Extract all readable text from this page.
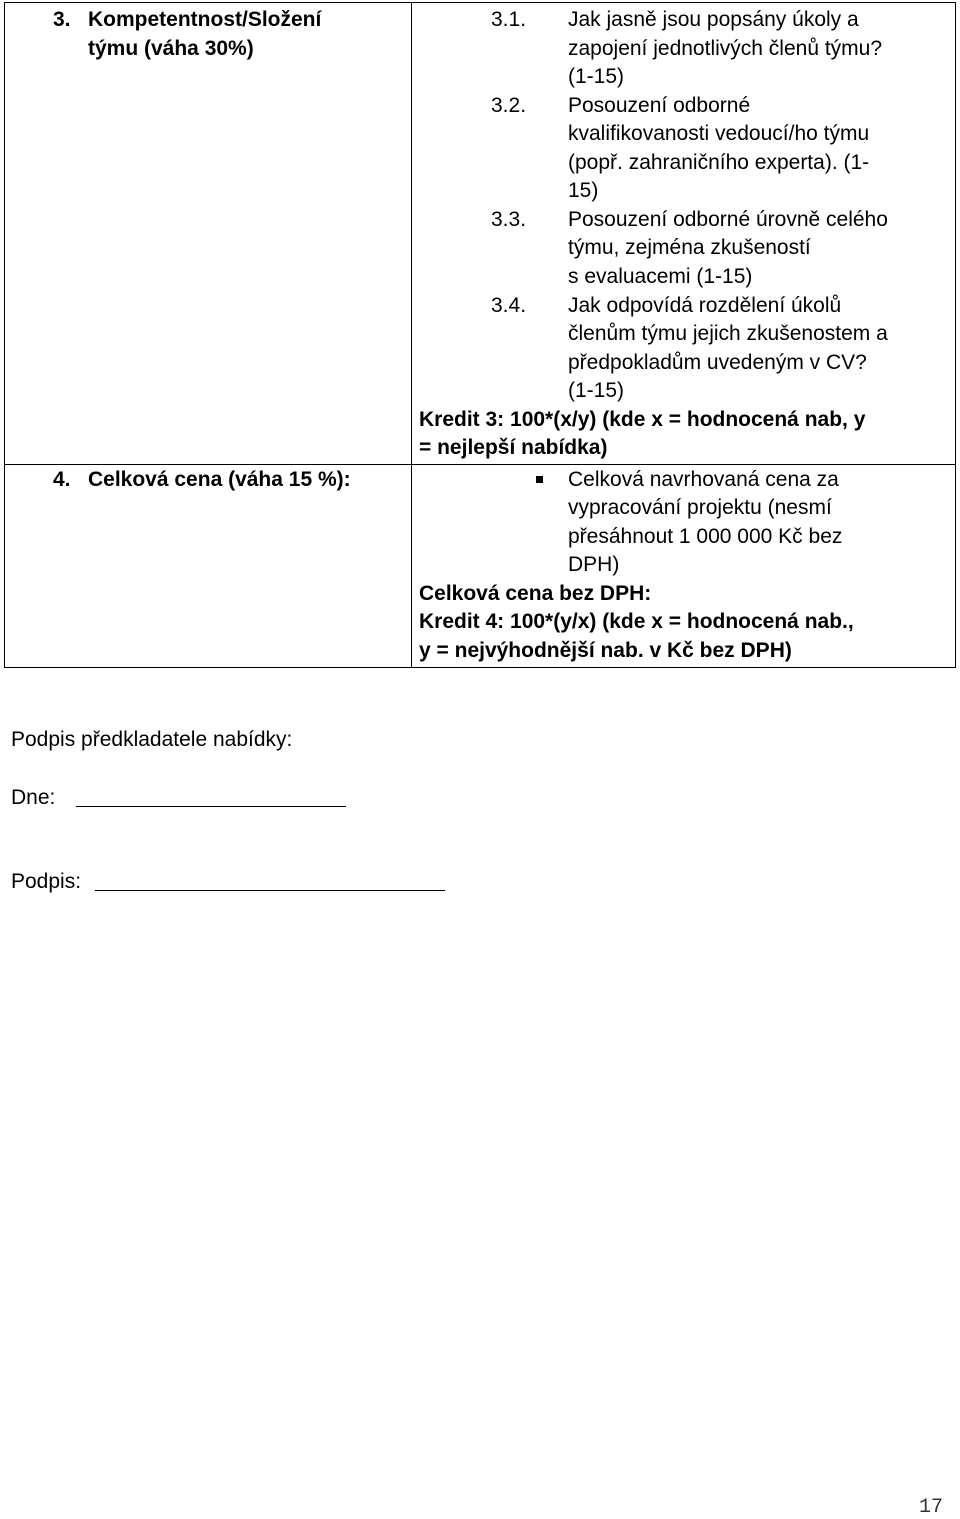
3. Kompetentnost/Složení
týmu (váha 30%)
3.1. Jak jasně jsou popsány úkoly a
zapojení jednotlivých členů týmu?
(1-15)
3.2. Posouzení odborné
kvalifikovanosti vedoucí/ho týmu
(popř. zahraničního experta). (1-
15)
3.3. Posouzení odborné úrovně celého
týmu, zejména zkušeností
s evaluacemi (1-15)
3.4. Jak odpovídá rozdělení úkolů
členům týmu jejich zkušenostem a
předpokladům uvedeným v CV?
(1-15)
Kredit 3: 100*(x/y) (kde x = hodnocená nab, y
= nejlepší nabídka)
4. Celková cena (váha 15 %):	Celková navrhovaná cena za
vypracování projektu (nesmí
přesáhnout 1 000 000 Kč bez
DPH)
Celková cena bez DPH:
Kredit 4: 100*(y/x) (kde x = hodnocená nab.,
y = nejvýhodnější nab. v Kč bez DPH)
Podpis předkladatele nabídky:
Dne:
Podpis:
17
